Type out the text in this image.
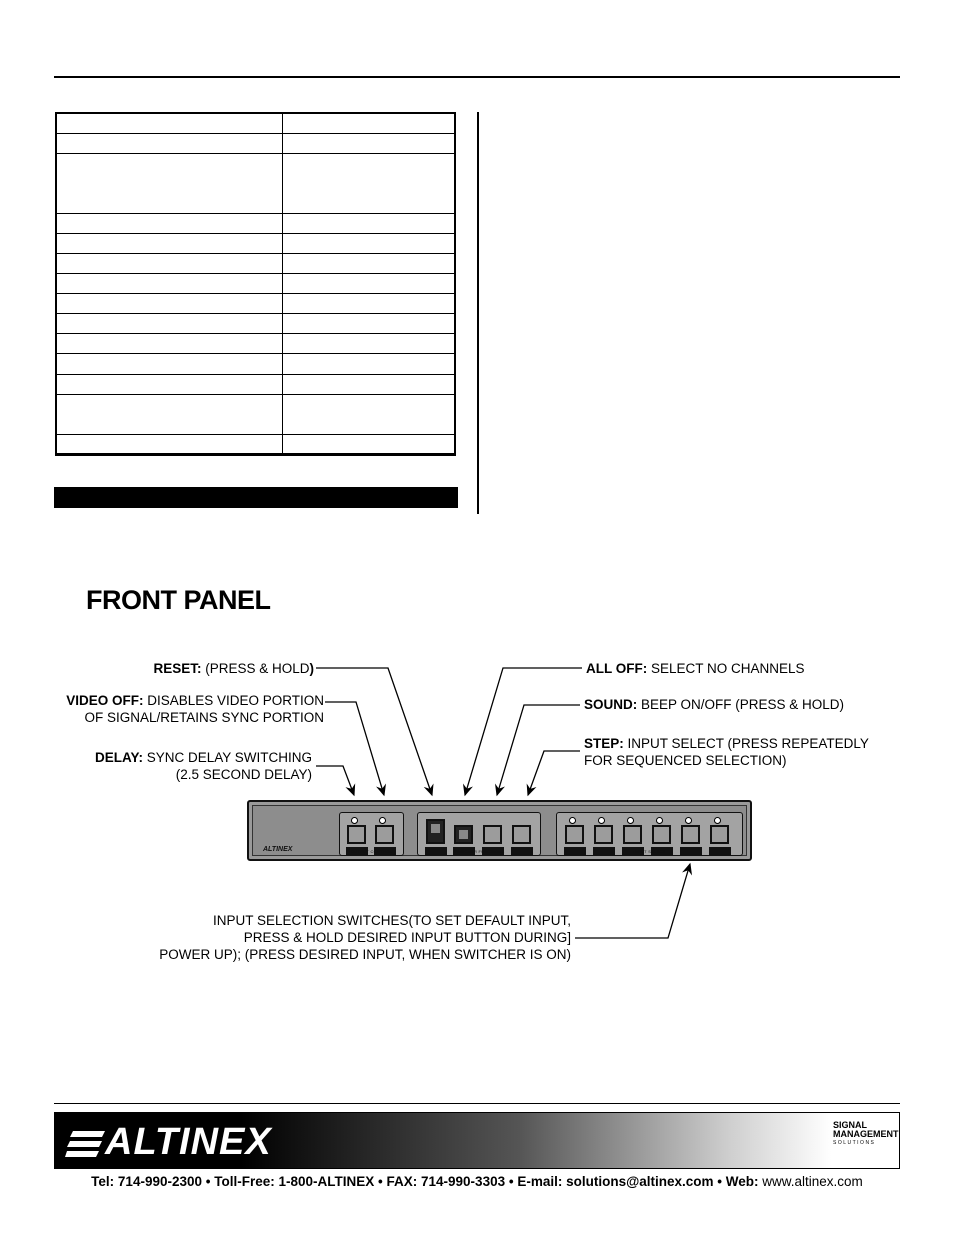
FRONT PANEL
RESET: (PRESS & HOLD)
VIDEO OFF: DISABLES VIDEO PORTION
OF SIGNAL/RETAINS SYNC PORTION
DELAY: SYNC DELAY SWITCHING
(2.5 SECOND DELAY)
ALL OFF: SELECT NO CHANNELS
SOUND: BEEP ON/OFF (PRESS & HOLD)
STEP: INPUT SELECT (PRESS REPEATEDLY
FOR SEQUENCED SELECTION)
INPUT SELECTION SWITCHES(TO SET DEFAULT INPUT,
PRESS & HOLD DESIRED INPUT BUTTON DURING]
POWER UP); (PRESS DESIRED INPUT, WHEN SWITCHER IS ON)
ALTINEX	OUTPUT CONTROL	SWITCHER FUNCTIONS	INPUT SELECT
ALTINEX	SIGNAL
MANAGEMENT
SOLUTIONS
Tel: 714-990-2300 • Toll-Free: 1-800-ALTINEX • FAX: 714-990-3303 • E-mail: solutions@altinex.com • Web: www.altinex.com
